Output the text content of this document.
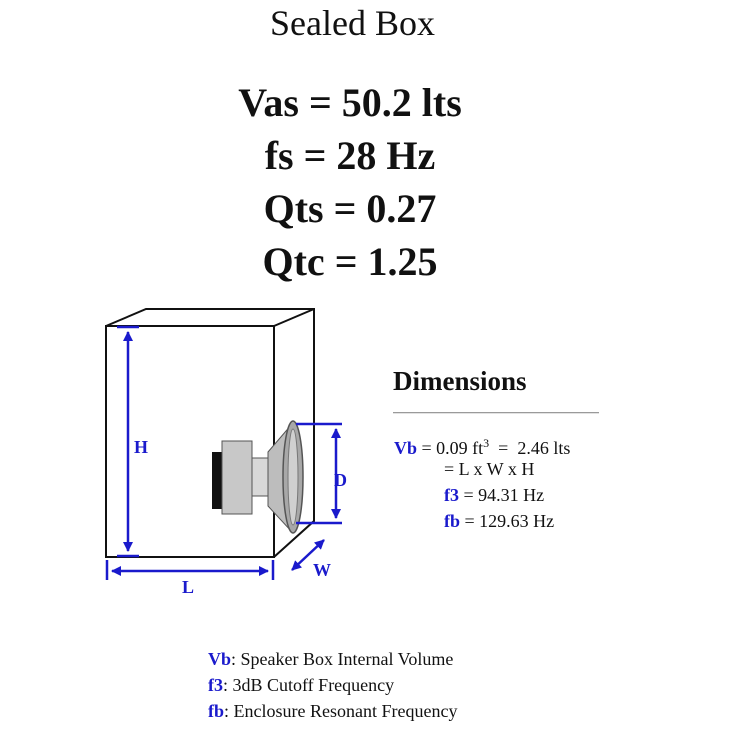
Sealed Box
Vas = 50.2 lts
fs = 28 Hz
Qts = 0.27
Qtc = 1.25
H
D
L
W
Dimensions
Vb = 0.09 $ft^3 = 2.46$ lts
= L x W x H
f3 = 94.31 Hz
fb = 129.63 Hz
Vb: Speaker Box Internal Volume
f3: 3dB Cutoff Frequency
fb: Enclosure Resonant Frequency
